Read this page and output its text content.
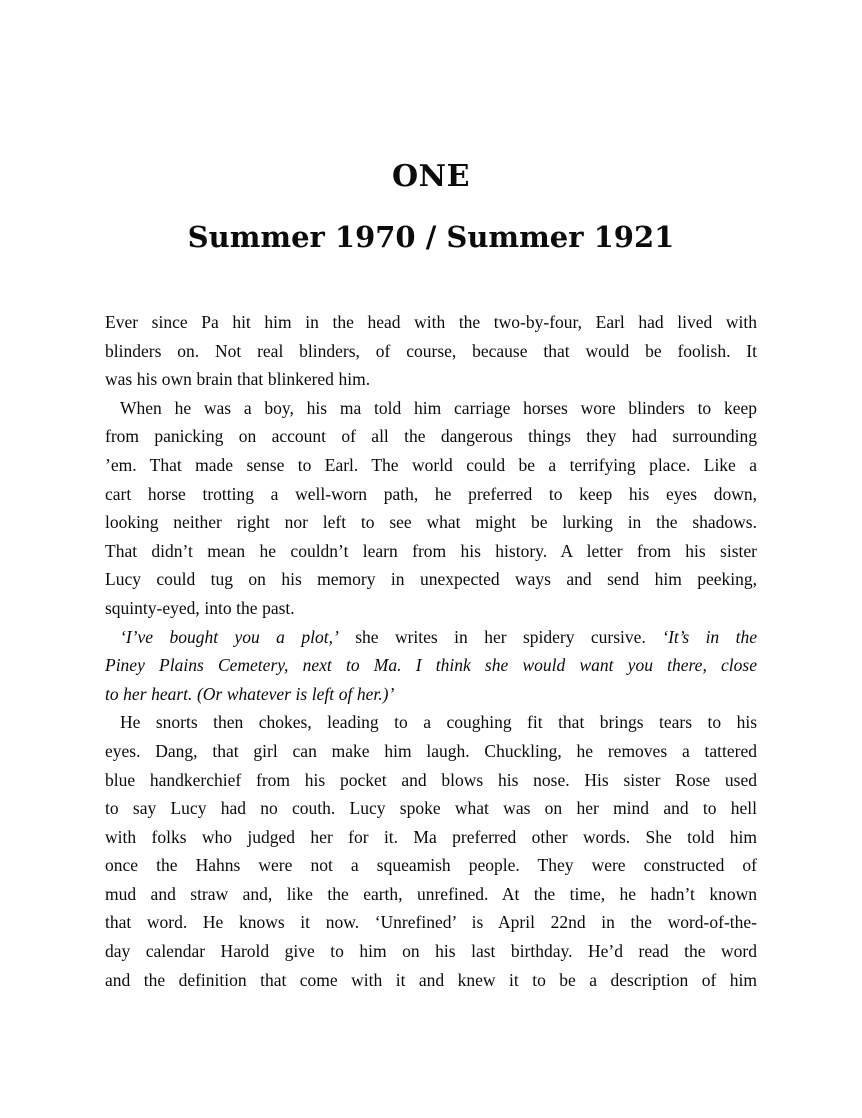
ONE
Summer 1970 / Summer 1921
Ever since Pa hit him in the head with the two-by-four, Earl had lived with
blinders on. Not real blinders, of course, because that would be foolish. It
was his own brain that blinkered him.
When he was a boy, his ma told him carriage horses wore blinders to keep
from panicking on account of all the dangerous things they had surrounding
’em. That made sense to Earl. The world could be a terrifying place. Like a
cart horse trotting a well-worn path, he preferred to keep his eyes down,
looking neither right nor left to see what might be lurking in the shadows.
That didn’t mean he couldn’t learn from his history. A letter from his sister
Lucy could tug on his memory in unexpected ways and send him peeking,
squinty-eyed, into the past.
‘I’ve bought you a plot,’ she writes in her spidery cursive. ‘It’s in the
Piney Plains Cemetery, next to Ma. I think she would want you there, close
to her heart. (Or whatever is left of her.)’
He snorts then chokes, leading to a coughing fit that brings tears to his
eyes. Dang, that girl can make him laugh. Chuckling, he removes a tattered
blue handkerchief from his pocket and blows his nose. His sister Rose used
to say Lucy had no couth. Lucy spoke what was on her mind and to hell
with folks who judged her for it. Ma preferred other words. She told him
once the Hahns were not a squeamish people. They were constructed of
mud and straw and, like the earth, unrefined. At the time, he hadn’t known
that word. He knows it now. ‘Unrefined’ is April 22nd in the word-of-the-
day calendar Harold give to him on his last birthday. He’d read the word
and the definition that come with it and knew it to be a description of him
